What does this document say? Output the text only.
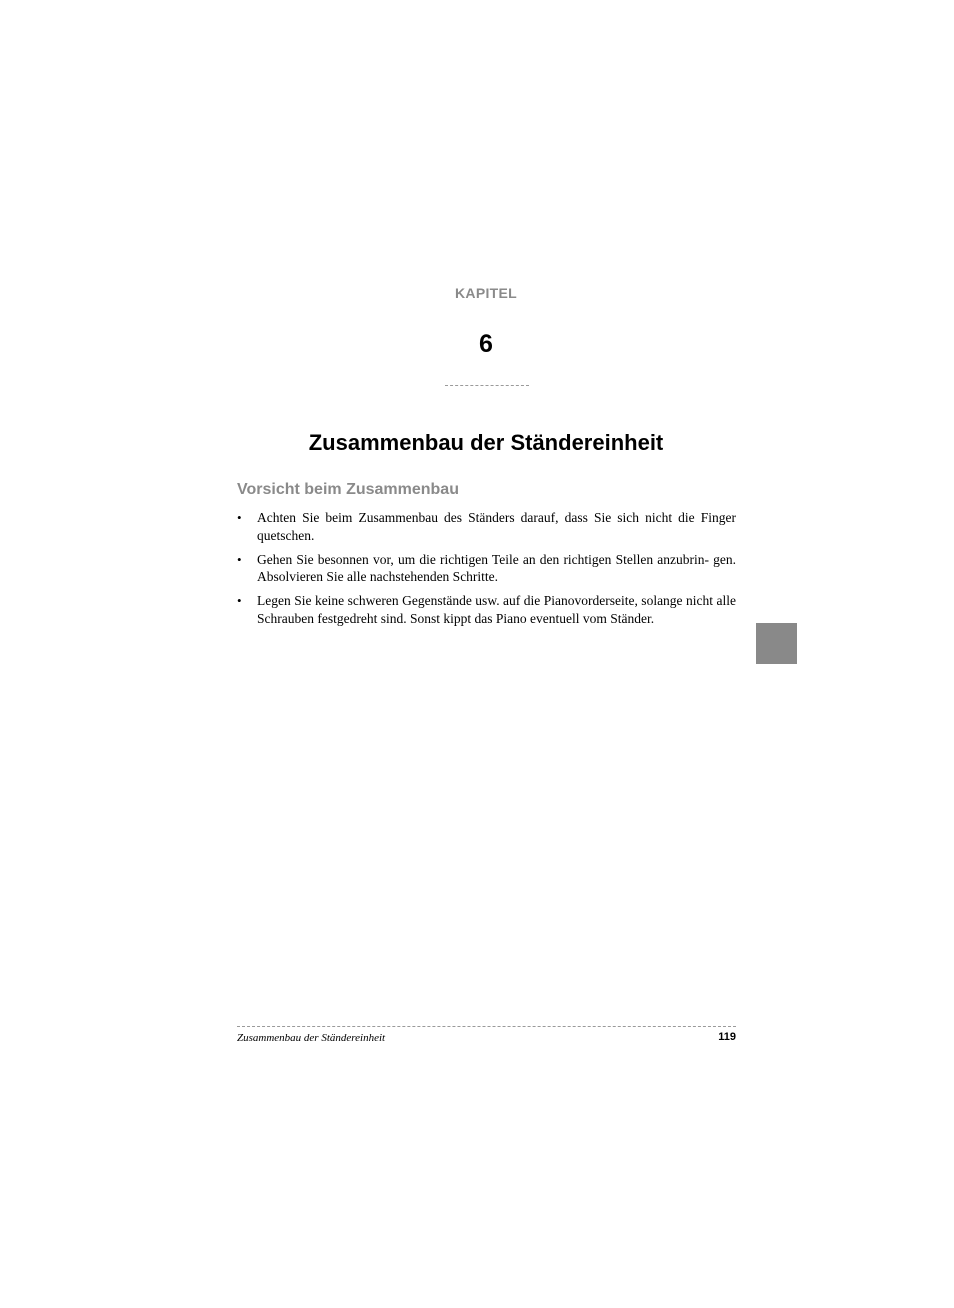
KAPITEL
6
Zusammenbau der Ständereinheit
Vorsicht beim Zusammenbau
• Achten Sie beim Zusammenbau des Ständers darauf, dass Sie sich nicht die Finger quetschen.
• Gehen Sie besonnen vor, um die richtigen Teile an den richtigen Stellen anzubrin- gen. Absolvieren Sie alle nachstehenden Schritte.
• Legen Sie keine schweren Gegenstände usw. auf die Pianovorderseite, solange nicht alle Schrauben festgedreht sind. Sonst kippt das Piano eventuell vom Ständer.
Zusammenbau der Ständereinheit	119
